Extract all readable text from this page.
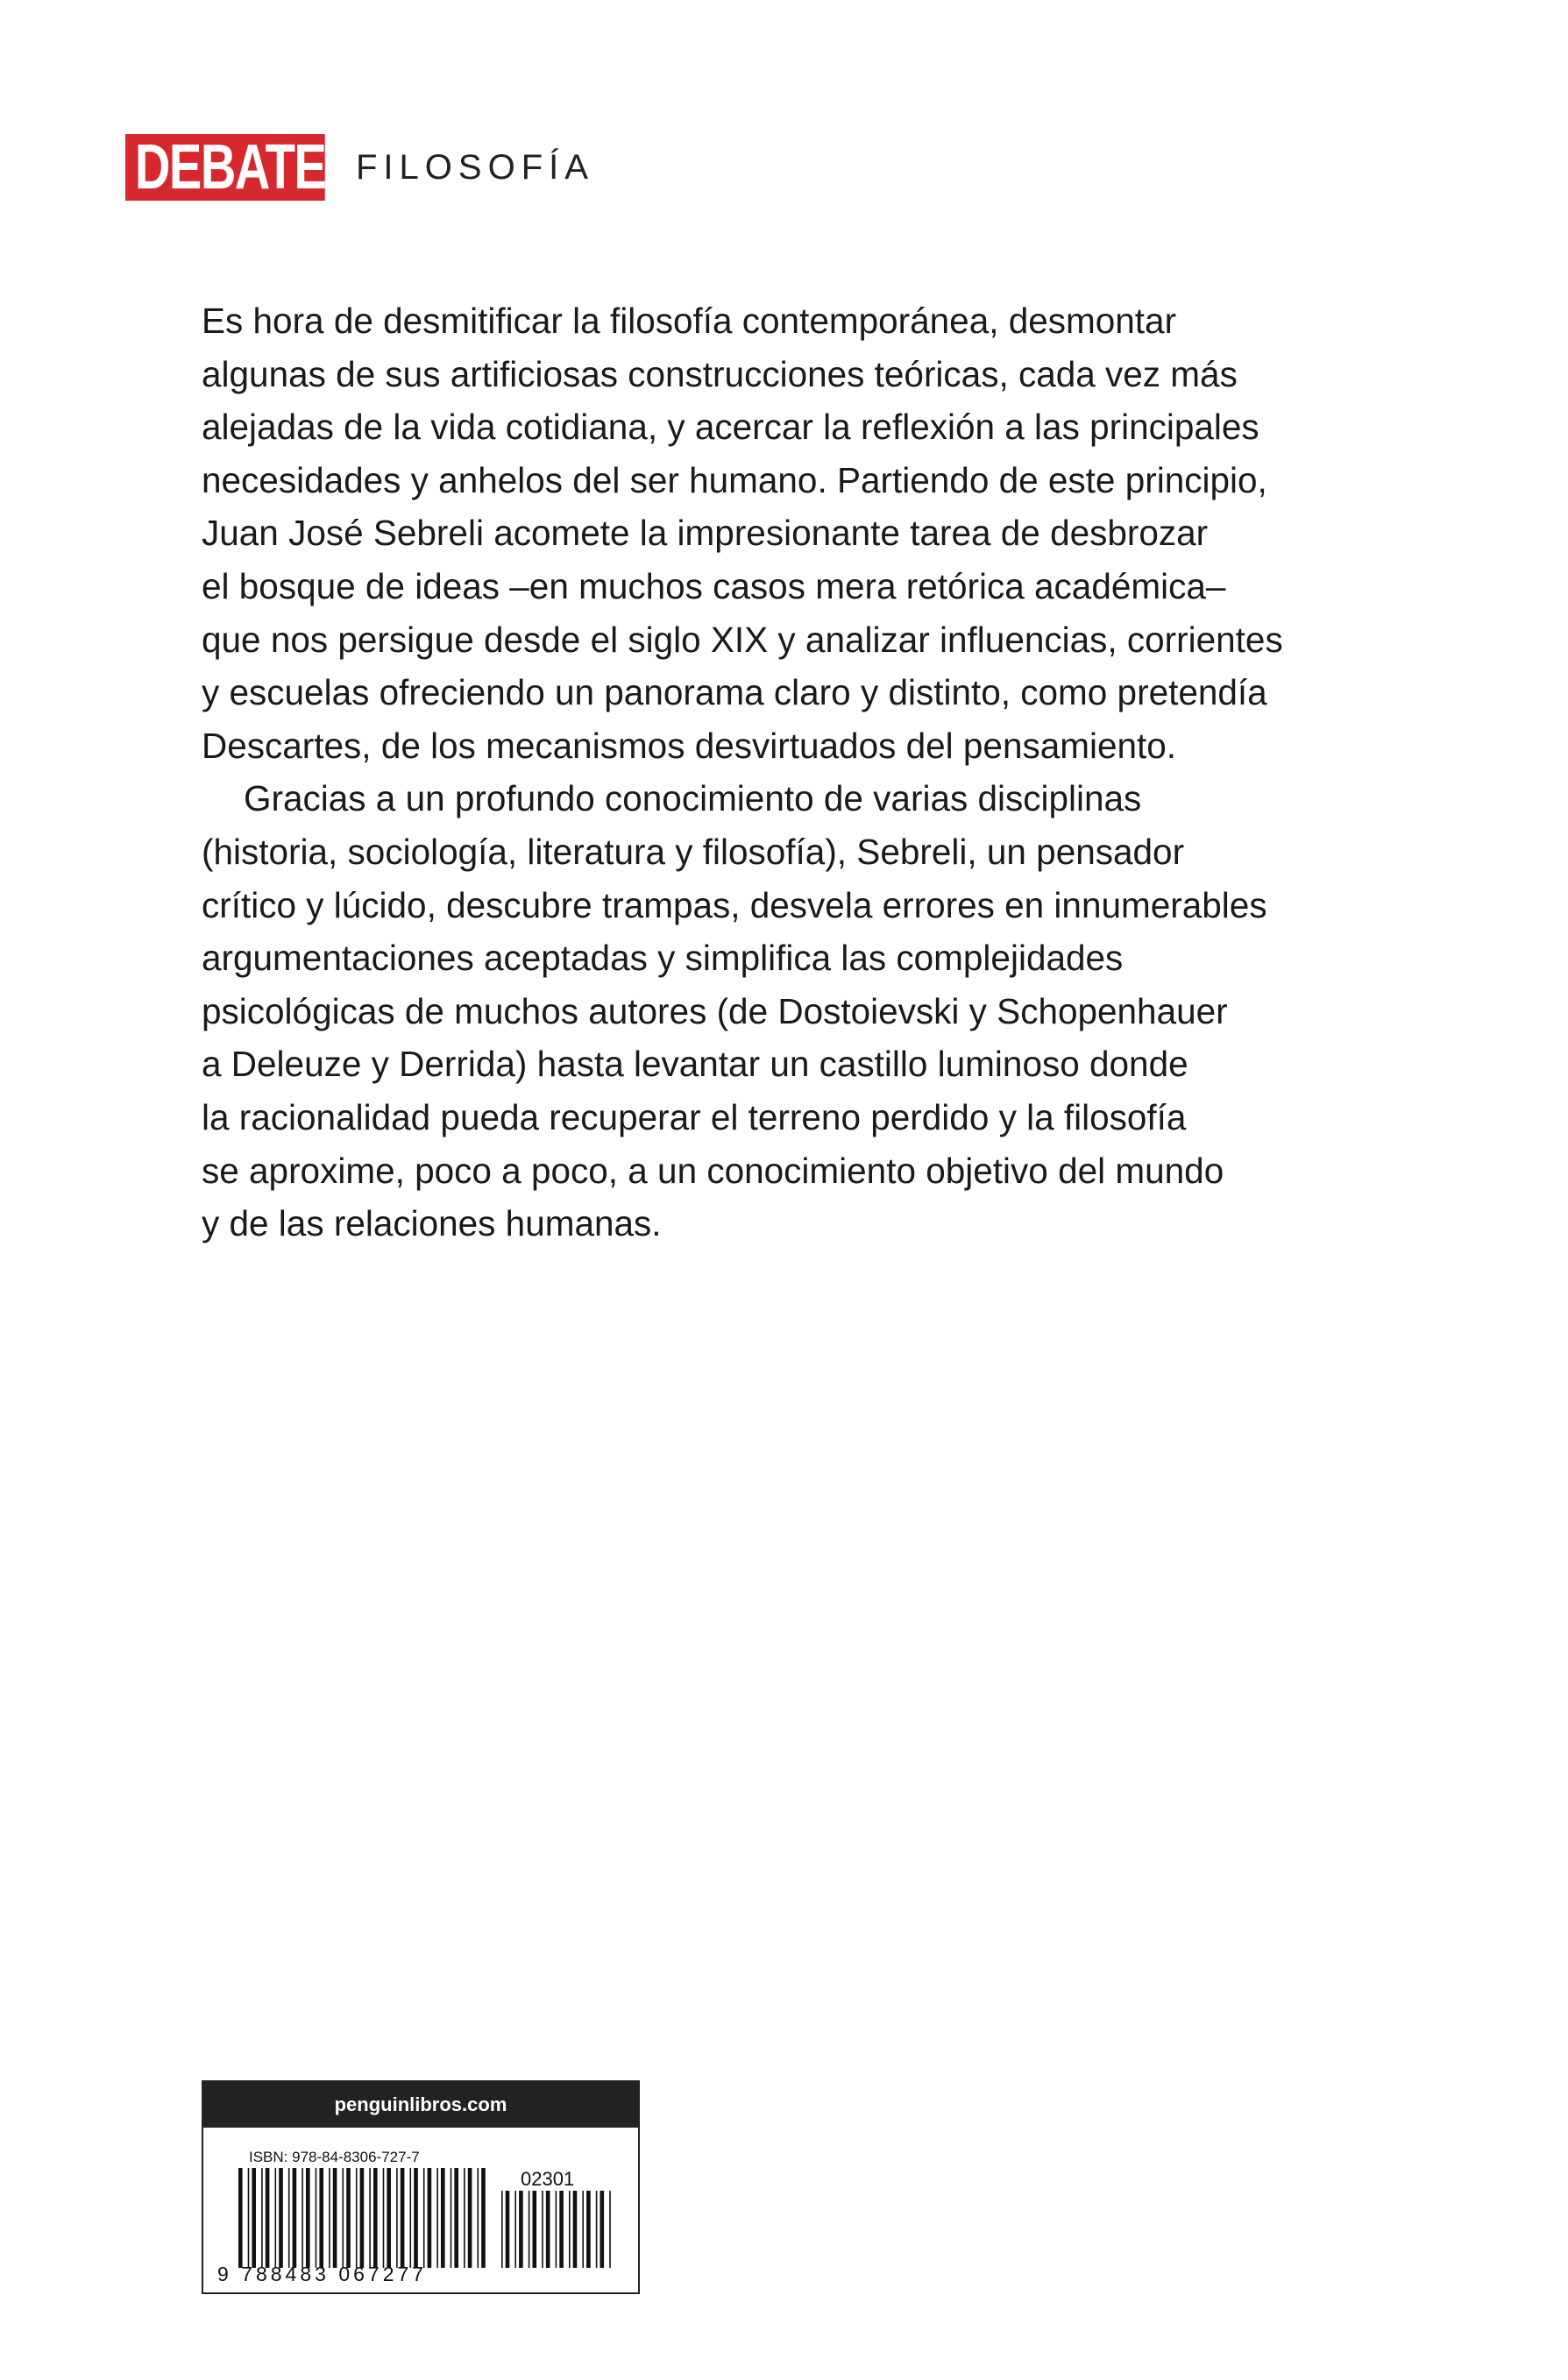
DEBATE FILOSOFÍA

Es hora de desmitificar la filosofía contemporánea, desmontar
algunas de sus artificiosas construcciones teóricas, cada vez más
alejadas de la vida cotidiana, y acercar la reflexión a las principales
necesidades y anhelos del ser humano. Partiendo de este principio,
Juan José Sebreli acomete la impresionante tarea de desbrozar
el bosque de ideas –en muchos casos mera retórica académica–
que nos persigue desde el siglo XIX y analizar influencias, corrientes
y escuelas ofreciendo un panorama claro y distinto, como pretendía
Descartes, de los mecanismos desvirtuados del pensamiento.

Gracias a un profundo conocimiento de varias disciplinas
(historia, sociología, literatura y filosofía), Sebreli, un pensador
crítico y lúcido, descubre trampas, desvela errores en innumerables
argumentaciones aceptadas y simplifica las complejidades
psicológicas de muchos autores (de Dostoievski y Schopenhauer
a Deleuze y Derrida) hasta levantar un castillo luminoso donde
la racionalidad pueda recuperar el terreno perdido y la filosofía
se aproxime, poco a poco, a un conocimiento objetivo del mundo
y de las relaciones humanas.

penguinlibros.com
ISBN: 978-84-8306-727-7
02301
9 788483 067277
